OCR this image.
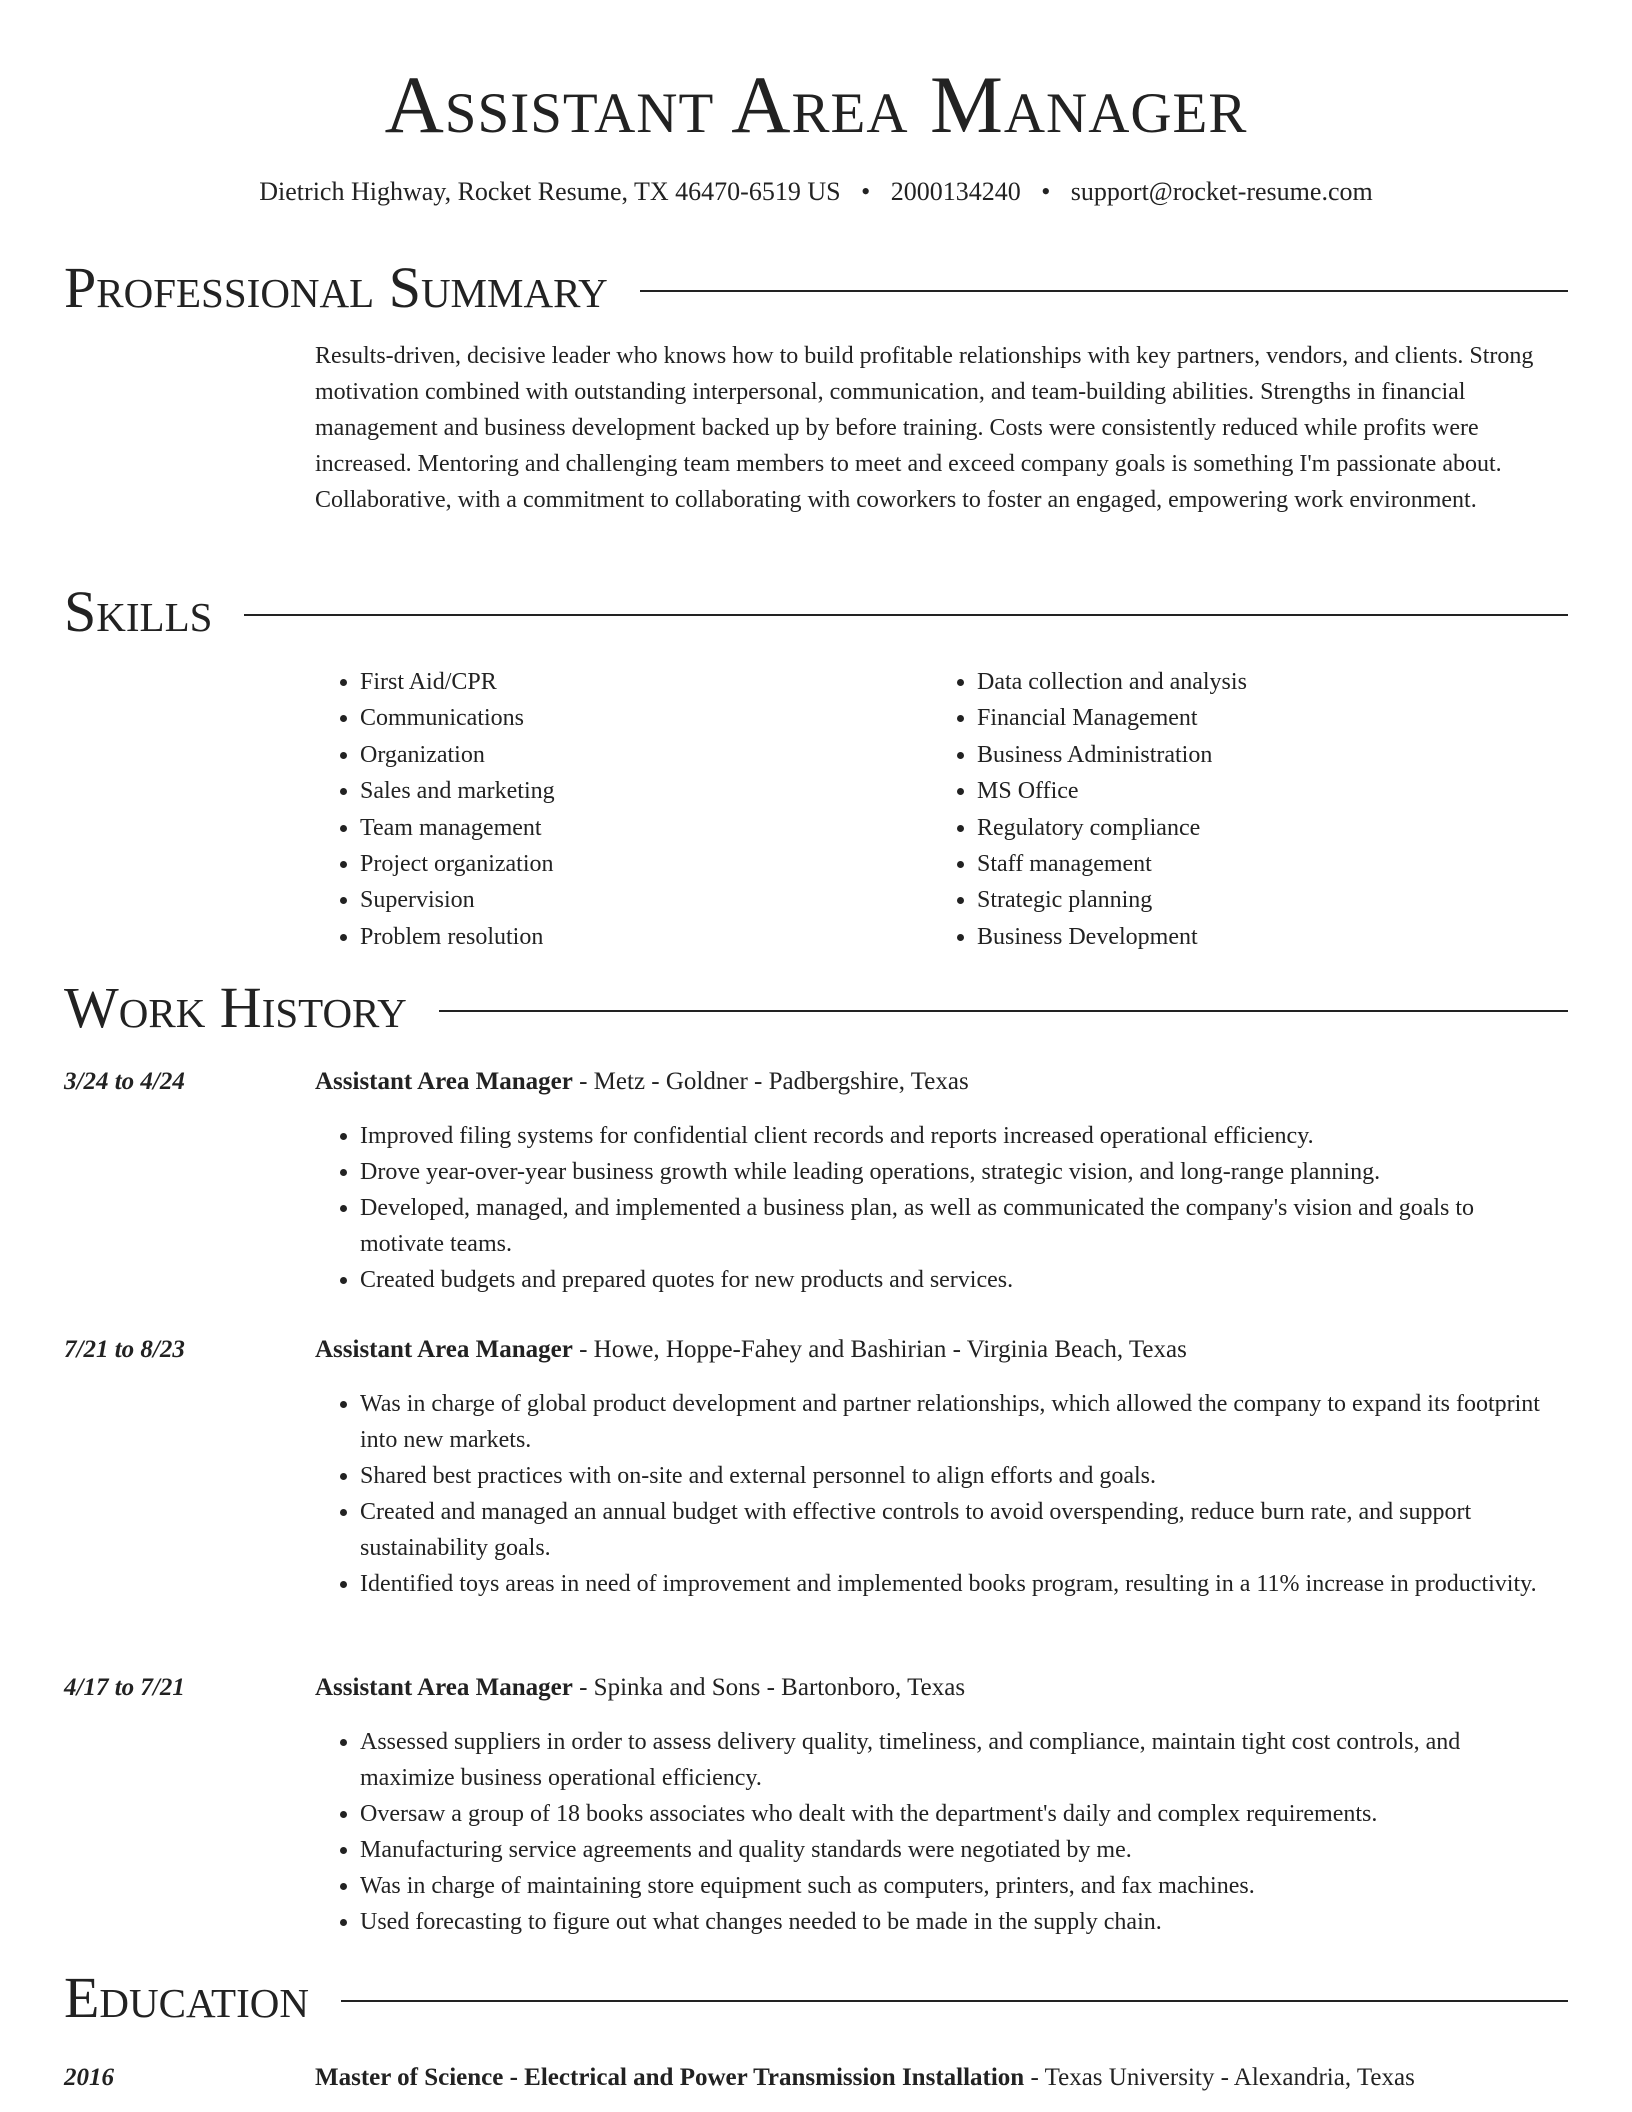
Assistant Area Manager
Dietrich Highway, Rocket Resume, TX 46470-6519 US • 2000134240 • support@rocket-resume.com
Professional Summary

Results-driven, decisive leader who knows how to build profitable relationships with key partners, vendors, and clients. Strong motivation combined with outstanding interpersonal, communication, and team-building abilities. Strengths in financial management and business development backed up by before training. Costs were consistently reduced while profits were increased. Mentoring and challenging team members to meet and exceed company goals is something I'm passionate about. Collaborative, with a commitment to collaborating with coworkers to foster an engaged, empowering work environment.

Skills
• First Aid/CPR
• Communications
• Organization
• Sales and marketing
• Team management
• Project organization
• Supervision
• Problem resolution
• Data collection and analysis
• Financial Management
• Business Administration
• MS Office
• Regulatory compliance
• Staff management
• Strategic planning
• Business Development
Work History
3/24 to 4/24	Assistant Area Manager - Metz - Goldner - Padbergshire, Texas
• Improved filing systems for confidential client records and reports increased operational efficiency.
• Drove year-over-year business growth while leading operations, strategic vision, and long-range planning.
• Developed, managed, and implemented a business plan, as well as communicated the company's vision and goals to motivate teams.
• Created budgets and prepared quotes for new products and services.
7/21 to 8/23	Assistant Area Manager - Howe, Hoppe-Fahey and Bashirian - Virginia Beach, Texas
• Was in charge of global product development and partner relationships, which allowed the company to expand its footprint into new markets.
• Shared best practices with on-site and external personnel to align efforts and goals.
• Created and managed an annual budget with effective controls to avoid overspending, reduce burn rate, and support sustainability goals.
• Identified toys areas in need of improvement and implemented books program, resulting in a 11% increase in productivity.
4/17 to 7/21	Assistant Area Manager - Spinka and Sons - Bartonboro, Texas
• Assessed suppliers in order to assess delivery quality, timeliness, and compliance, maintain tight cost controls, and maximize business operational efficiency.
• Oversaw a group of 18 books associates who dealt with the department's daily and complex requirements.
• Manufacturing service agreements and quality standards were negotiated by me.
• Was in charge of maintaining store equipment such as computers, printers, and fax machines.
• Used forecasting to figure out what changes needed to be made in the supply chain.
Education
2016	Master of Science - Electrical and Power Transmission Installation - Texas University - Alexandria, Texas
